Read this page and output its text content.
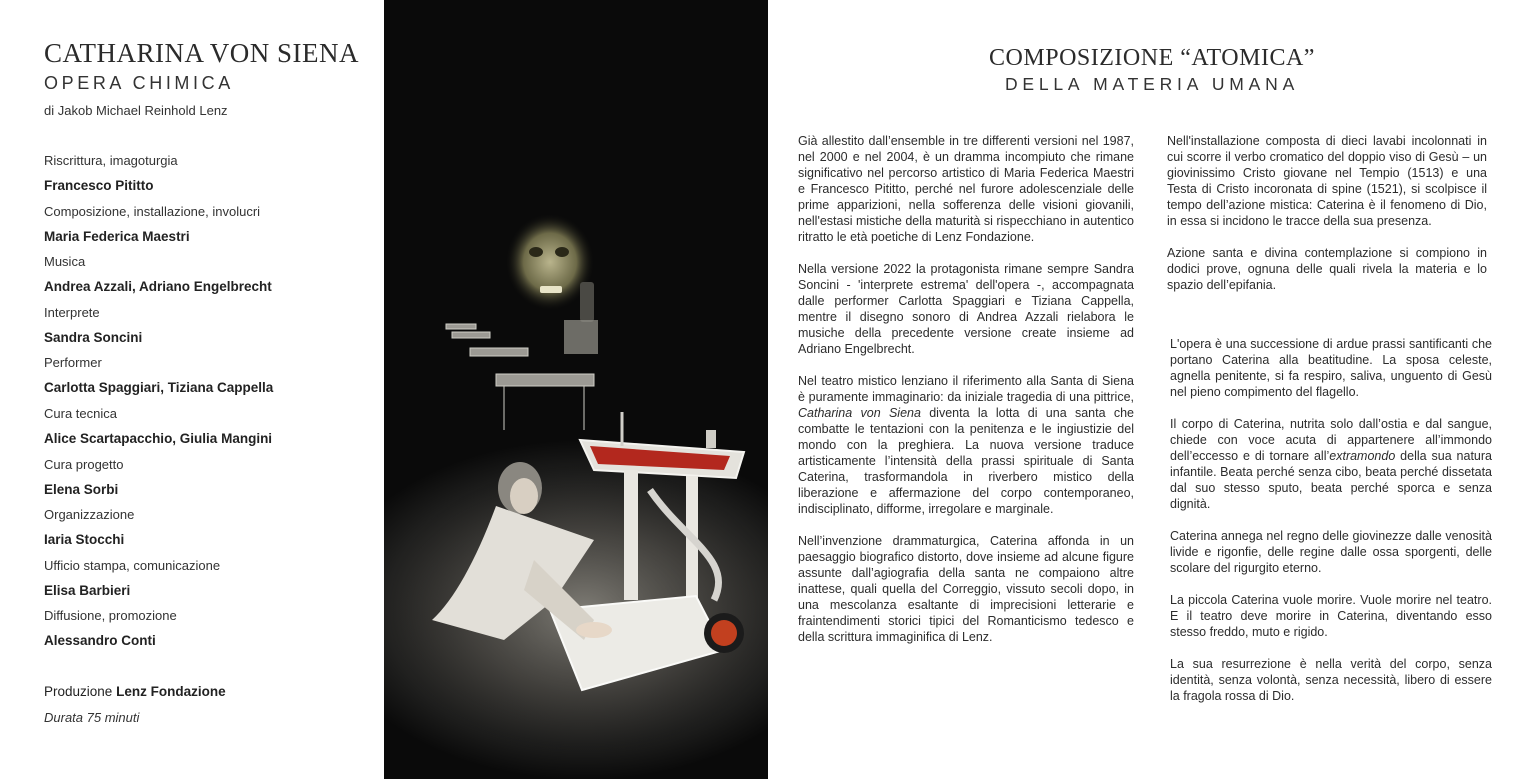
CATHARINA VON SIENA
OPERA CHIMICA
di Jakob Michael Reinhold Lenz
Riscrittura, imagoturgia
Francesco Pititto
Composizione, installazione, involucri
Maria Federica Maestri
Musica
Andrea Azzali, Adriano Engelbrecht
Interprete
Sandra Soncini
Performer
Carlotta Spaggiari, Tiziana Cappella
Cura tecnica
Alice Scartapacchio, Giulia Mangini
Cura progetto
Elena Sorbi
Organizzazione
Iaria Stocchi
Ufficio stampa, comunicazione
Elisa Barbieri
Diffusione, promozione
Alessandro Conti
Produzione Lenz Fondazione
Durata 75 minuti
COMPOSIZIONE “ATOMICA”
DELLA MATERIA UMANA

Già allestito dall’ensemble in tre differenti versioni nel 1987, nel 2000 e nel 2004, è un dramma incompiuto che rimane significativo nel percorso artistico di Maria Federica Maestri e Francesco Pititto, perché nel furore adolescenziale delle prime apparizioni, nella sofferenza delle visioni giovanili, nell'estasi mistiche della maturità si rispecchiano in autentico ritratto le età poetiche di Lenz Fondazione.

Nella versione 2022 la protagonista rimane sempre Sandra Soncini - 'interprete estrema' dell'opera -, accompagnata dalle performer Carlotta Spaggiari e Tiziana Cappella, mentre il disegno sonoro di Andrea Azzali rielabora le musiche della precedente versione create insieme ad Adriano Engelbrecht.

Nel teatro mistico lenziano il riferimento alla Santa di Siena è puramente immaginario: da iniziale tragedia di una pittrice, Catharina von Siena diventa la lotta di una santa che combatte le tentazioni con la penitenza e le ingiustizie del mondo con la preghiera. La nuova versione traduce artisticamente l’intensità della prassi spirituale di Santa Caterina, trasformandola in riverbero mistico della liberazione e affermazione del corpo contemporaneo, indisciplinato, difforme, irregolare e marginale.

Nell’invenzione drammaturgica, Caterina affonda in un paesaggio biografico distorto, dove insieme ad alcune figure assunte dall’agiografia della santa ne compaiono altre inattese, quali quella del Correggio, vissuto secoli dopo, in una mescolanza esaltante di imprecisioni letterarie e fraintendimenti storici tipici del Romanticismo tedesco e della scrittura immaginifica di Lenz.

Nell'installazione composta di dieci lavabi incolonnati in cui scorre il verbo cromatico del doppio viso di Gesù – un giovinissimo Cristo giovane nel Tempio (1513) e una Testa di Cristo incoronata di spine (1521), si scolpisce il tempo dell’azione mistica: Caterina è il fenomeno di Dio, in essa si incidono le tracce della sua presenza.

Azione santa e divina contemplazione si compiono in dodici prove, ognuna delle quali rivela la materia e lo spazio dell’epifania.

L'opera è una successione di ardue prassi santificanti che portano Caterina alla beatitudine. La sposa celeste, agnella penitente, si fa respiro, saliva, unguento di Gesù nel pieno compimento del flagello.

Il corpo di Caterina, nutrita solo dall’ostia e dal sangue, chiede con voce acuta di appartenere all’immondo dell’eccesso e di tornare all’extramondo della sua natura infantile. Beata perché senza cibo, beata perché dissetata dal suo stesso sputo, beata perché sporca e senza dignità.

Caterina annega nel regno delle giovinezze dalle venosità livide e rigonfie, delle regine dalle ossa sporgenti, delle scolare del rigurgito eterno.

La piccola Caterina vuole morire. Vuole morire nel teatro. E il teatro deve morire in Caterina, diventando esso stesso freddo, muto e rigido.

La sua resurrezione è nella verità del corpo, senza identità, senza volontà, senza necessità, libero di essere la fragola rossa di Dio.
